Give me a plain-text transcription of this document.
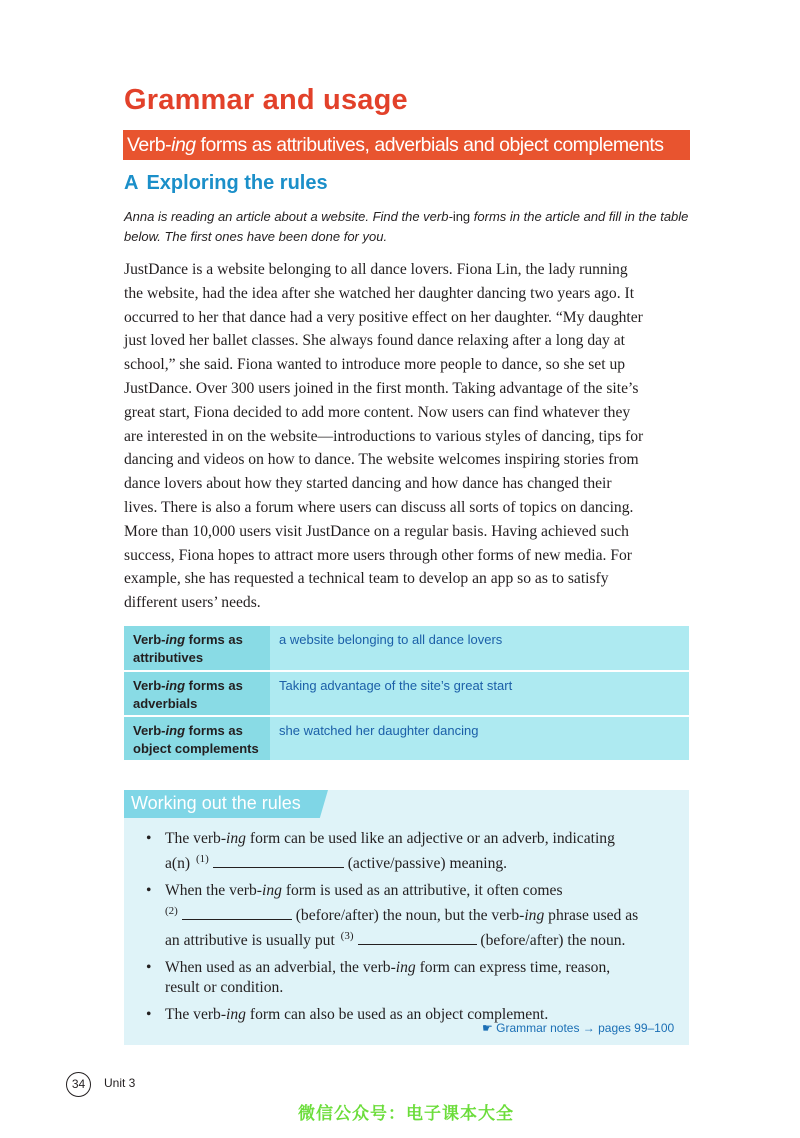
Grammar and usage
Verb-ing forms as attributives, adverbials and object complements
A Exploring the rules
Anna is reading an article about a website. Find the verb-ing forms in the article and fill in the table below. The first ones have been done for you.
JustDance is a website belonging to all dance lovers. Fiona Lin, the lady running
the website, had the idea after she watched her daughter dancing two years ago. It
occurred to her that dance had a very positive effect on her daughter. “My daughter
just loved her ballet classes. She always found dance relaxing after a long day at
school,” she said. Fiona wanted to introduce more people to dance, so she set up
JustDance. Over 300 users joined in the first month. Taking advantage of the site’s
great start, Fiona decided to add more content. Now users can find whatever they
are interested in on the website—introductions to various styles of dancing, tips for
dancing and videos on how to dance. The website welcomes inspiring stories from
dance lovers about how they started dancing and how dance has changed their
lives. There is also a forum where users can discuss all sorts of topics on dancing.
More than 10,000 users visit JustDance on a regular basis. Having achieved such
success, Fiona hopes to attract more users through other forms of new media. For
example, she has requested a technical team to develop an app so as to satisfy
different users’ needs.
Verb-ing forms as
attributives	a website belonging to all dance lovers
Verb-ing forms as
adverbials	Taking advantage of the site’s great start
Verb-ing forms as
object complements	she watched her daughter dancing
Working out the rules
• The verb-ing form can be used like an adjective or an adverb, indicating
a(n) $^{(1)}$	(active/passive) meaning.
• When the verb-ing form is used as an attributive, it often comes
$^{(2)}$	(before/after) the noun, but the verb-ing phrase used as
an attributive is usually put $^{(3)}$	(before/after) the noun.
• When used as an adverbial, the verb-ing form can express time, reason,
result or condition.
• The verb-ing form can also be used as an object complement.
☛ Grammar notes → pages 99–100
34	Unit 3
微信公众号：电子课本大全
